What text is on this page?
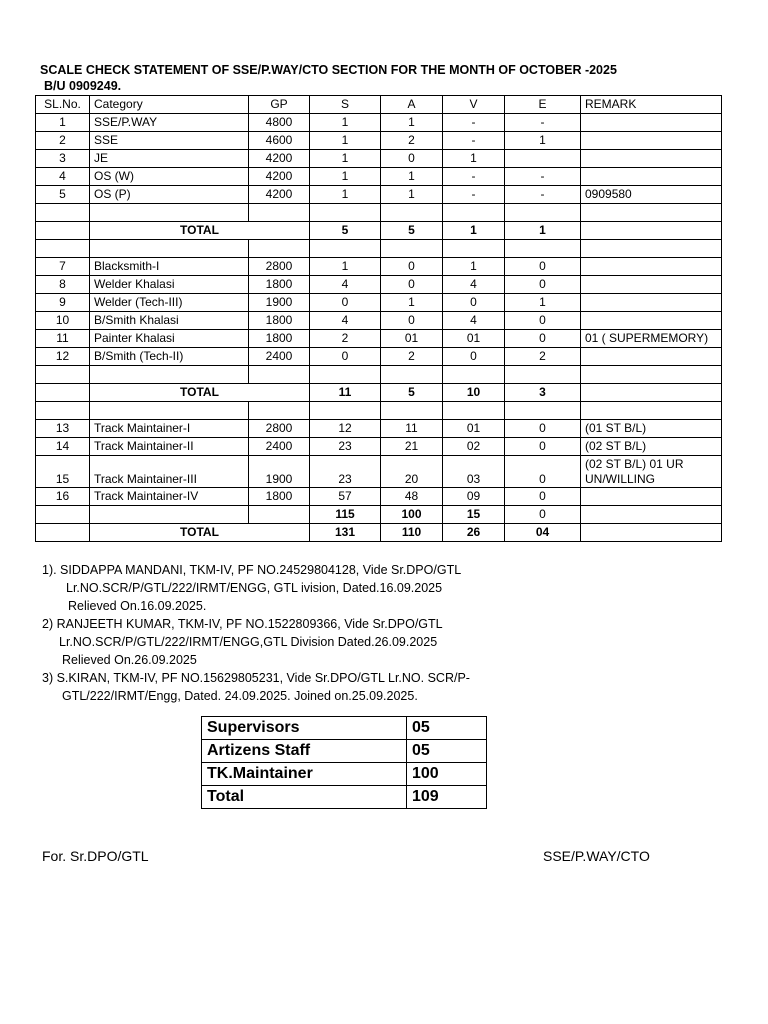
SCALE CHECK STATEMENT OF SSE/P.WAY/CTO SECTION FOR THE MONTH OF OCTOBER -2025
B/U 0909249.
SL.No.	Category	GP	S	A	V	E	REMARK
1	SSE/P.WAY	4800	1	1	-	-	
2	SSE	4600	1	2	-	1	
3	JE	4200	1	0	1		
4	OS (W)	4200	1	1	-	-	
5	OS (P)	4200	1	1	-	-	0909580

	TOTAL		5	5	1	1	

7	Blacksmith-I	2800	1	0	1	0	
8	Welder Khalasi	1800	4	0	4	0	
9	Welder (Tech-III)	1900	0	1	0	1	
10	B/Smith Khalasi	1800	4	0	4	0	
11	Painter Khalasi	1800	2	01	01	0	01 ( SUPERMEMORY)
12	B/Smith (Tech-II)	2400	0	2	0	2	

	TOTAL		11	5	10	3	

13	Track Maintainer-I	2800	12	11	01	0	(01 ST B/L)
14	Track Maintainer-II	2400	23	21	02	0	(02 ST B/L)
15	Track Maintainer-III	1900	23	20	03	0	(02 ST B/L) 01 UR UN/WILLING
16	Track Maintainer-IV	1800	57	48	09	0	
			115	100	15	0	
	TOTAL		131	110	26	04	
1). SIDDAPPA MANDANI, TKM-IV, PF NO.24529804128, Vide Sr.DPO/GTL
Lr.NO.SCR/P/GTL/222/IRMT/ENGG, GTL ivision, Dated.16.09.2025
Relieved On.16.09.2025.
2) RANJEETH KUMAR, TKM-IV, PF NO.1522809366, Vide Sr.DPO/GTL
Lr.NO.SCR/P/GTL/222/IRMT/ENGG,GTL Division Dated.26.09.2025
Relieved On.26.09.2025
3) S.KIRAN, TKM-IV, PF NO.15629805231, Vide Sr.DPO/GTL Lr.NO. SCR/P-
GTL/222/IRMT/Engg, Dated. 24.09.2025. Joined on.25.09.2025.
Supervisors	05
Artizens Staff	05
TK.Maintainer	100
Total	109
For. Sr.DPO/GTL	SSE/P.WAY/CTO
